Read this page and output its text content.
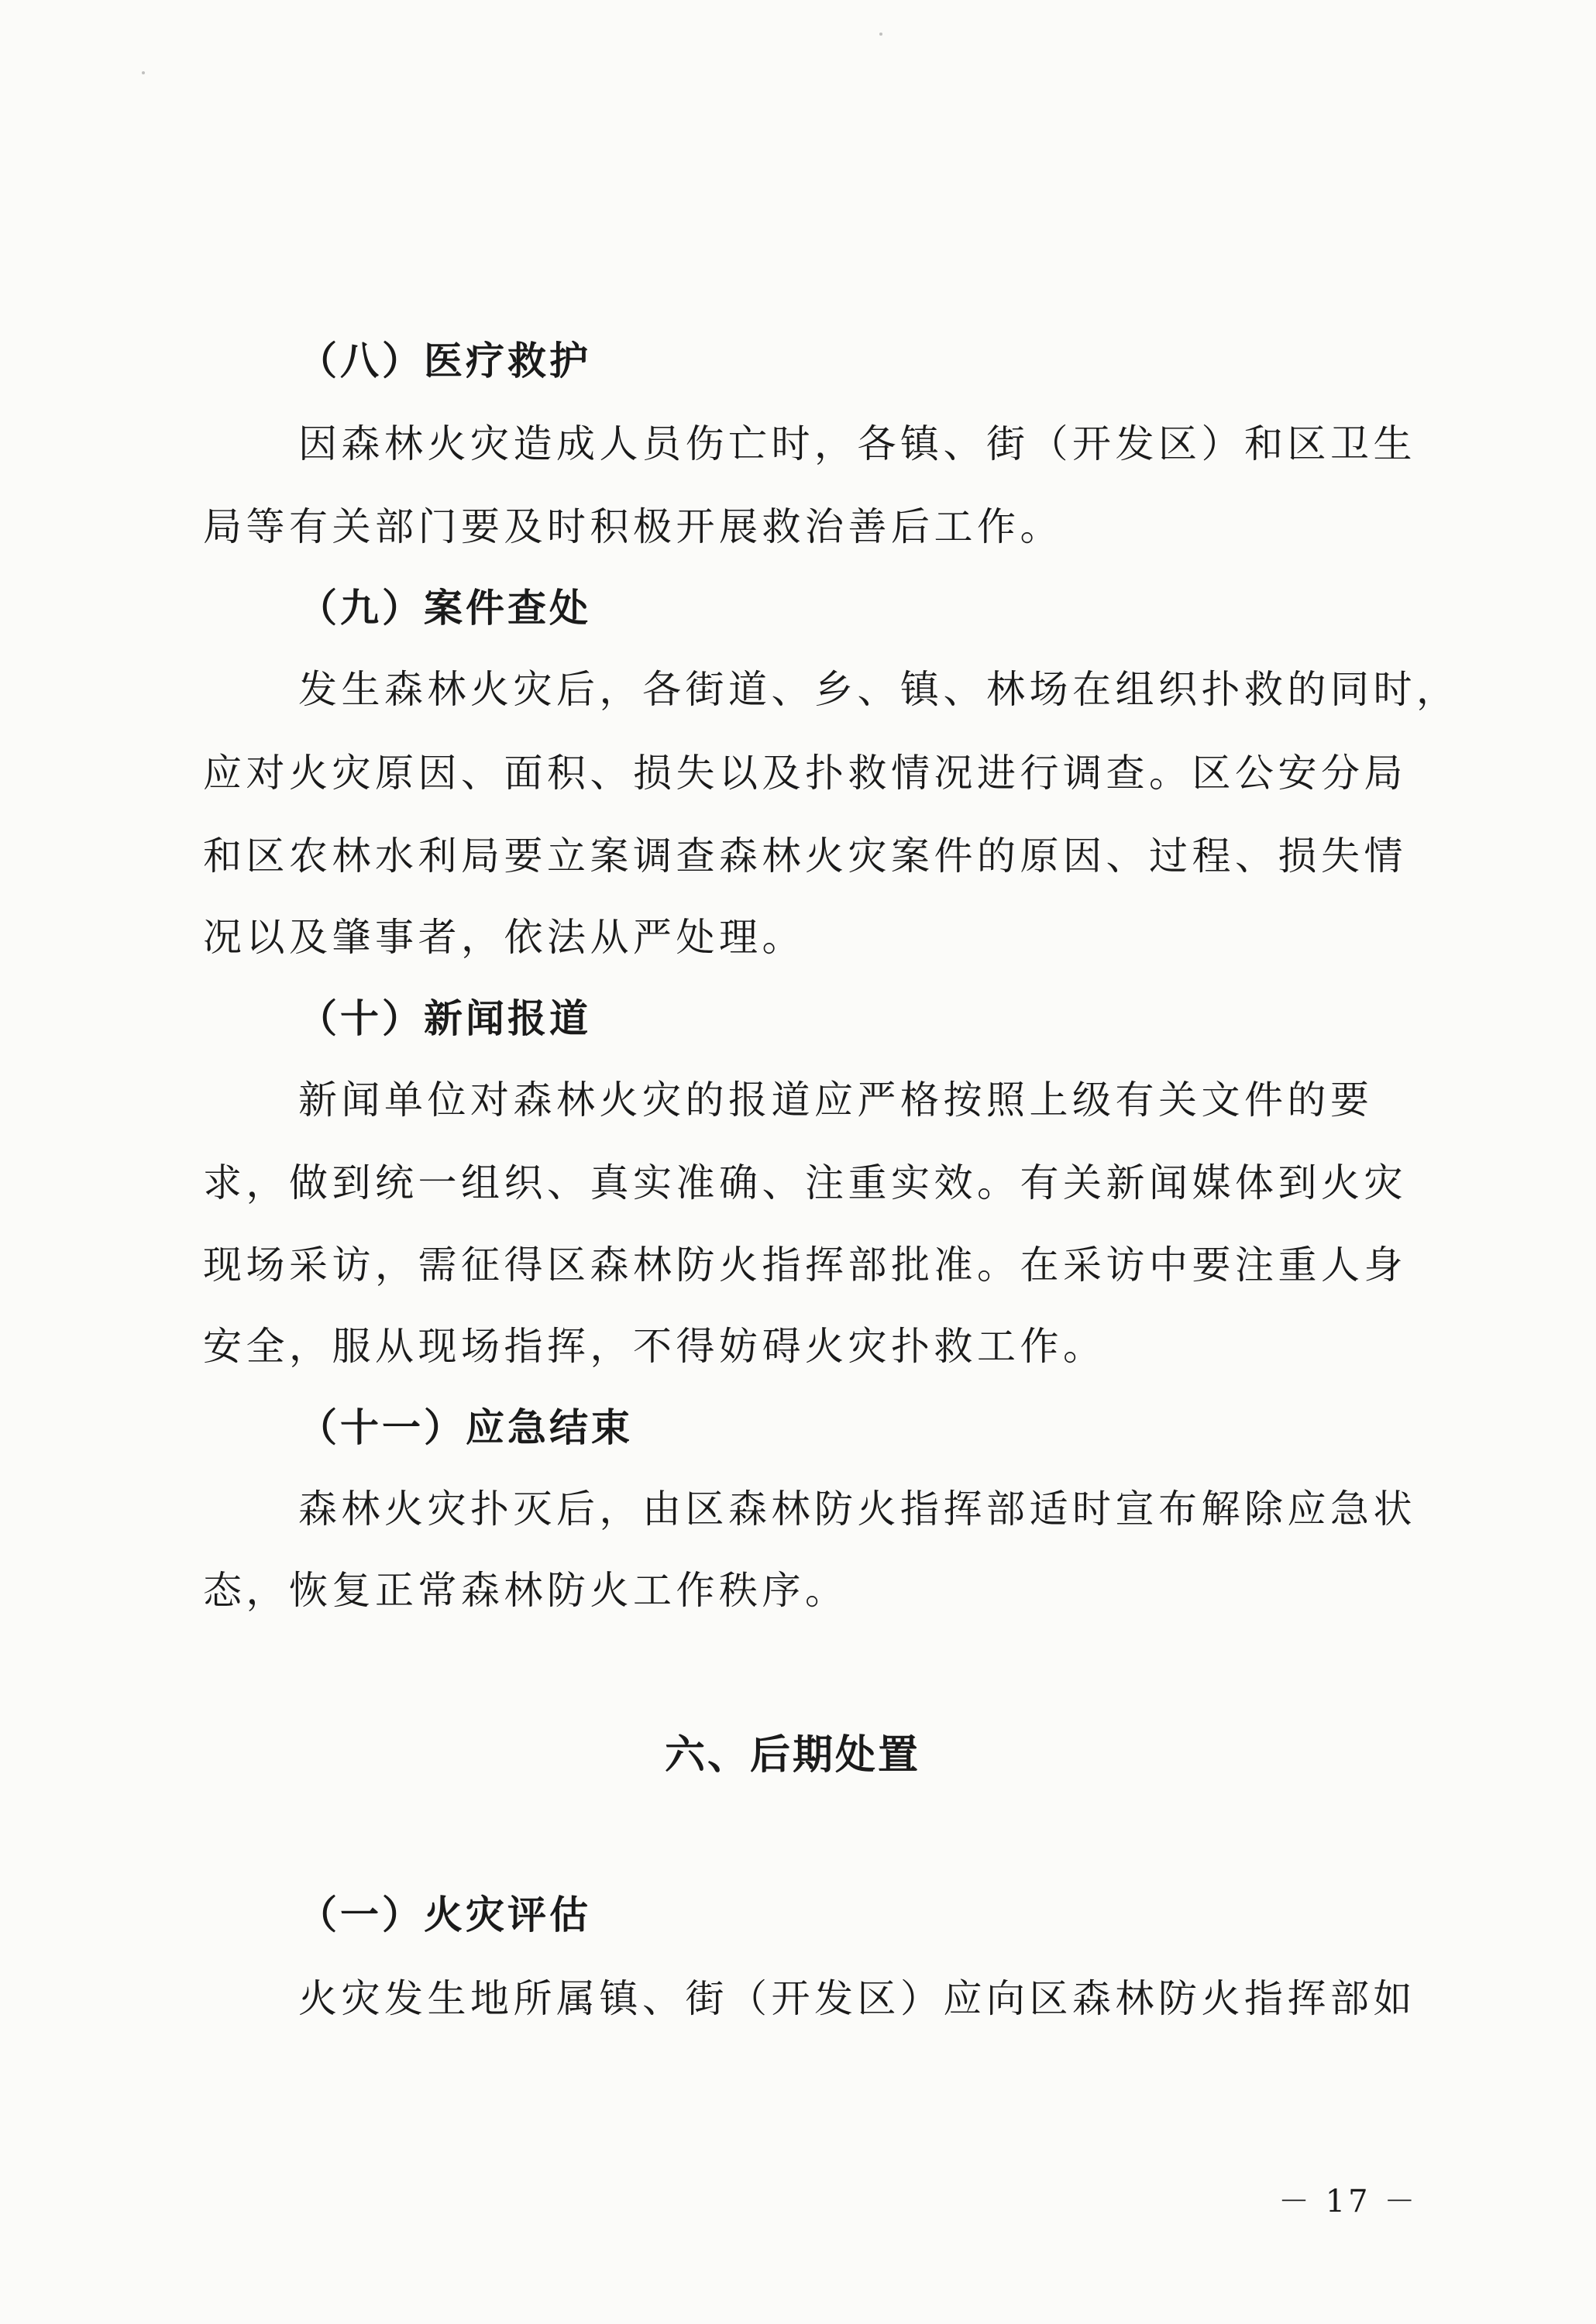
（八）医疗救护
因森林火灾造成人员伤亡时，各镇、街（开发区）和区卫生
局等有关部门要及时积极开展救治善后工作。
（九）案件查处
发生森林火灾后，各街道、乡、镇、林场在组织扑救的同时，
应对火灾原因、面积、损失以及扑救情况进行调查。区公安分局
和区农林水利局要立案调查森林火灾案件的原因、过程、损失情
况以及肇事者，依法从严处理。
（十）新闻报道
新闻单位对森林火灾的报道应严格按照上级有关文件的要
求，做到统一组织、真实准确、注重实效。有关新闻媒体到火灾
现场采访，需征得区森林防火指挥部批准。在采访中要注重人身
安全，服从现场指挥，不得妨碍火灾扑救工作。
（十一）应急结束
森林火灾扑灭后，由区森林防火指挥部适时宣布解除应急状
态，恢复正常森林防火工作秩序。
六、后期处置
（一）火灾评估
火灾发生地所属镇、街（开发区）应向区森林防火指挥部如
－ 17 －
